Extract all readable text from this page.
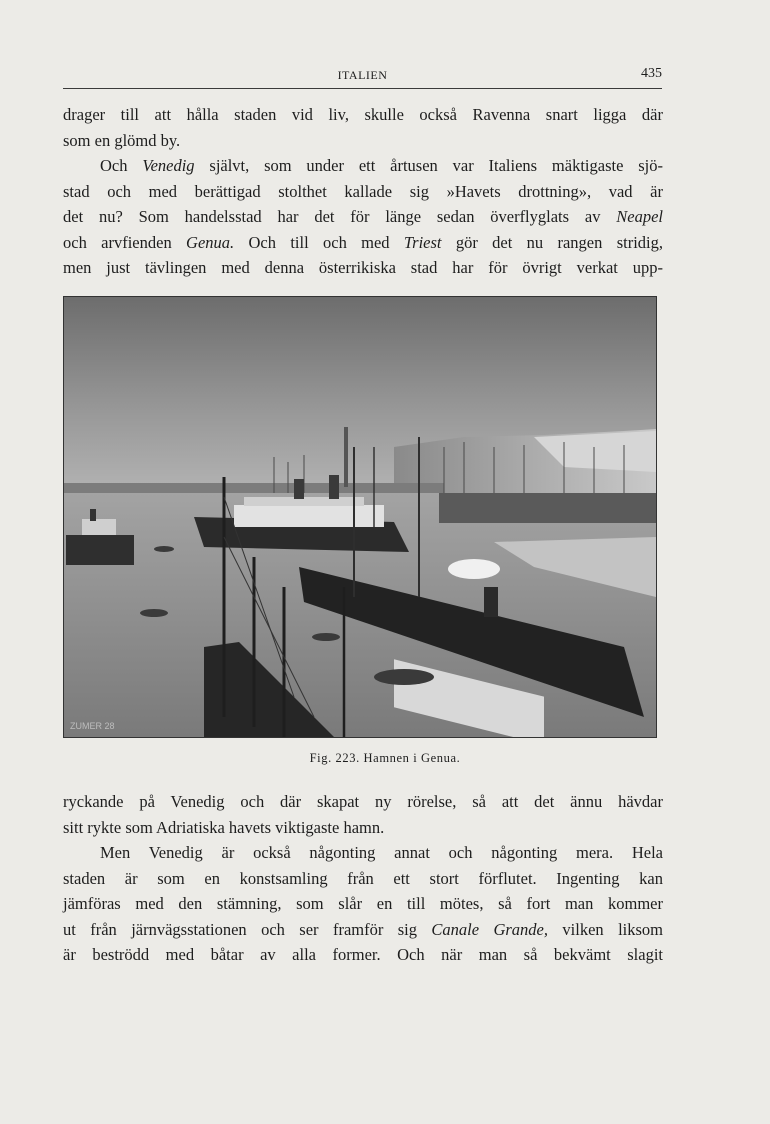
ITALIEN	435
drager till att hålla staden vid liv, skulle också Ravenna snart ligga där
som en glömd by.
Och Venedig självt, som under ett årtusen var Italiens mäktigaste sjö-
stad och med berättigad stolthet kallade sig »Havets drottning», vad är
det nu? Som handelsstad har det för länge sedan överflyglats av Neapel
och arvfienden Genua. Och till och med Triest gör det nu rangen stridig,
men just tävlingen med denna österrikiska stad har för övrigt verkat upp-
ZUMER 28
Fig. 223. Hamnen i Genua.
ryckande på Venedig och där skapat ny rörelse, så att det ännu hävdar
sitt rykte som Adriatiska havets viktigaste hamn.
Men Venedig är också någonting annat och någonting mera. Hela
staden är som en konstsamling från ett stort förflutet. Ingenting kan
jämföras med den stämning, som slår en till mötes, så fort man kommer
ut från järnvägsstationen och ser framför sig Canale Grande, vilken liksom
är beströdd med båtar av alla former. Och när man så bekvämt slagit
